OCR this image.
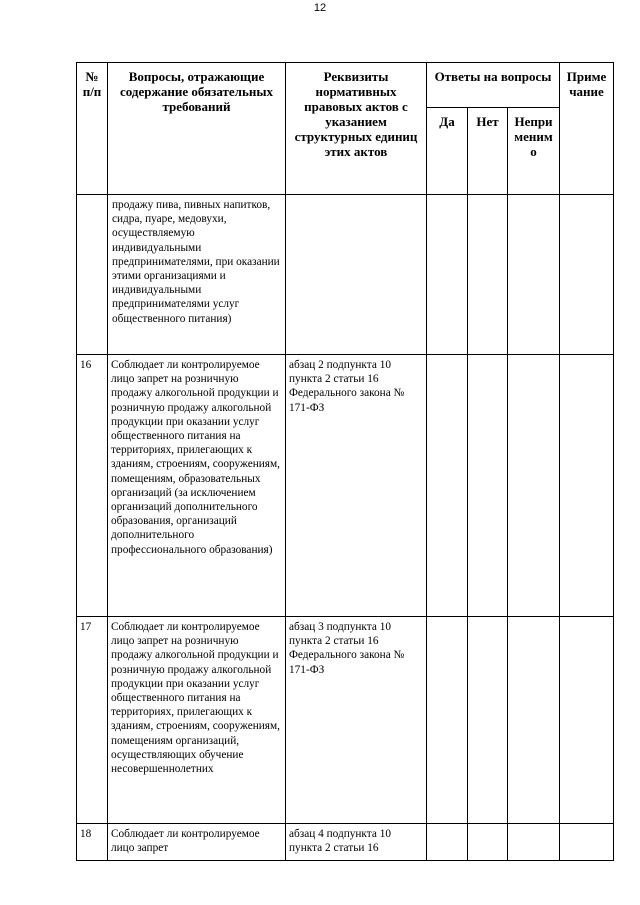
12
№ п/п	Вопросы, отражающие содержание обязательных требований	Реквизиты нормативных правовых актов с указанием структурных единиц этих актов	Ответы на вопросы			Приме чание

			Да	Нет	Непри меним о	

	продажу пива, пивных напитков, сидра, пуаре, медовухи, осуществляемую индивидуальными предпринимателями, при оказании этими организациями и индивидуальными предпринимателями услуг общественного питания)					

16	Соблюдает ли контролируемое лицо запрет на розничную продажу алкогольной продукции и розничную продажу алкогольной продукции при оказании услуг общественного питания на территориях, прилегающих к зданиям, строениям, сооружениям, помещениям, образовательных организаций (за исключением организаций дополнительного образования, организаций дополнительного профессионального образования)	абзац 2 подпункта 10 пункта 2 статьи 16 Федерального закона № 171-ФЗ				

17	Соблюдает ли контролируемое лицо запрет на розничную продажу алкогольной продукции и розничную продажу алкогольной продукции при оказании услуг общественного питания на территориях, прилегающих к зданиям, строениям, сооружениям, помещениям организаций, осуществляющих обучение несовершеннолетних	абзац 3 подпункта 10 пункта 2 статьи 16 Федерального закона № 171-ФЗ				

18	Соблюдает ли контролируемое лицо запрет	абзац 4 подпункта 10 пункта 2 статьи 16				
